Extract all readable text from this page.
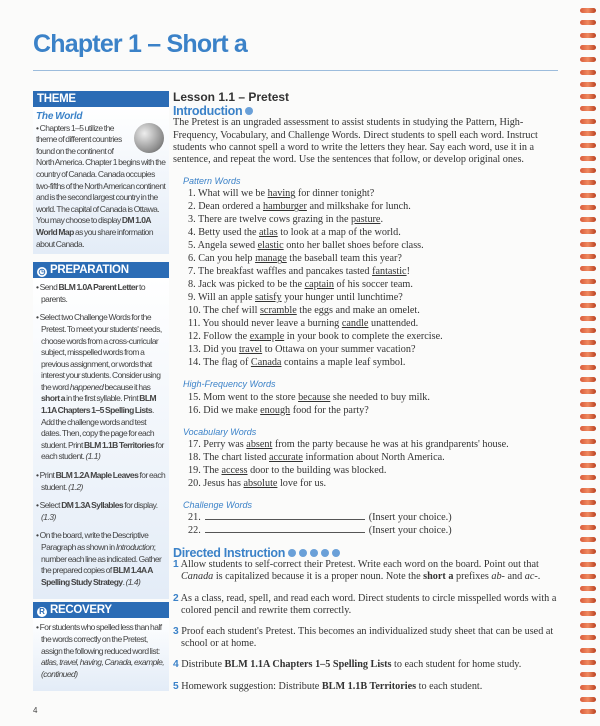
Chapter 1 – Short a
THEME
The World
• Chapters 1–5 utilize the theme of different countries found on the continent of North America. Chapter 1 begins with the country of Canada. Canada occupies two-fifths of the North American continent and is the second largest country in the world. The capital of Canada is Ottawa. You may choose to display DM 1.0A World Map as you share information about Canada.
◷ PREPARATION

• Send BLM 1.0A Parent Letter to parents.

• Select two Challenge Words for the Pretest. To meet your students' needs, choose words from a cross-curricular subject, misspelled words from a previous assignment, or words that interest your students. Consider using the word happened because it has short a in the first syllable. Print BLM 1.1A Chapters 1–5 Spelling Lists. Add the challenge words and test dates. Then, copy the page for each student. Print BLM 1.1B Territories for each student. (1.1)

• Print BLM 1.2A Maple Leaves for each student. (1.2)

• Select DM 1.3A Syllables for display. (1.3)

• On the board, write the Descriptive Paragraph as shown in Introduction; number each line as indicated. Gather the prepared copies of BLM 1.4A A Spelling Study Strategy. (1.4)

R RECOVERY

• For students who spelled less than half the words correctly on the Pretest, assign the following reduced word list: atlas, travel, having, Canada, example, (continued)

Lesson 1.1 – Pretest
Introduction

The Pretest is an ungraded assessment to assist students in studying the Pattern, High-Frequency, Vocabulary, and Challenge Words. Direct students to spell each word. Instruct students who cannot spell a word to write the letters they hear. Say each word, use it in a sentence, and repeat the word. Use the sentences that follow, or develop original ones.

Pattern Words
1. What will we be having for dinner tonight?
2. Dean ordered a hamburger and milkshake for lunch.
3. There are twelve cows grazing in the pasture.
4. Betty used the atlas to look at a map of the world.
5. Angela sewed elastic onto her ballet shoes before class.
6. Can you help manage the baseball team this year?
7. The breakfast waffles and pancakes tasted fantastic!
8. Jack was picked to be the captain of his soccer team.
9. Will an apple satisfy your hunger until lunchtime?
10. The chef will scramble the eggs and make an omelet.
11. You should never leave a burning candle unattended.
12. Follow the example in your book to complete the exercise.
13. Did you travel to Ottawa on your summer vacation?
14. The flag of Canada contains a maple leaf symbol.
High-Frequency Words
15. Mom went to the store because she needed to buy milk.
16. Did we make enough food for the party?
Vocabulary Words
17. Perry was absent from the party because he was at his grandparents' house.
18. The chart listed accurate information about North America.
19. The access door to the building was blocked.
20. Jesus has absolute love for us.
Challenge Words
21.	(Insert your choice.)
22.	(Insert your choice.)
Directed Instruction

1 Allow students to self-correct their Pretest. Write each word on the board. Point out that Canada is capitalized because it is a proper noun. Note the short a prefixes ab- and ac-.

2 As a class, read, spell, and read each word. Direct students to circle misspelled words with a colored pencil and rewrite them correctly.

3 Proof each student's Pretest. This becomes an individualized study sheet that can be used at school or at home.

4 Distribute BLM 1.1A Chapters 1–5 Spelling Lists to each student for home study.

5 Homework suggestion: Distribute BLM 1.1B Territories to each student.

4
